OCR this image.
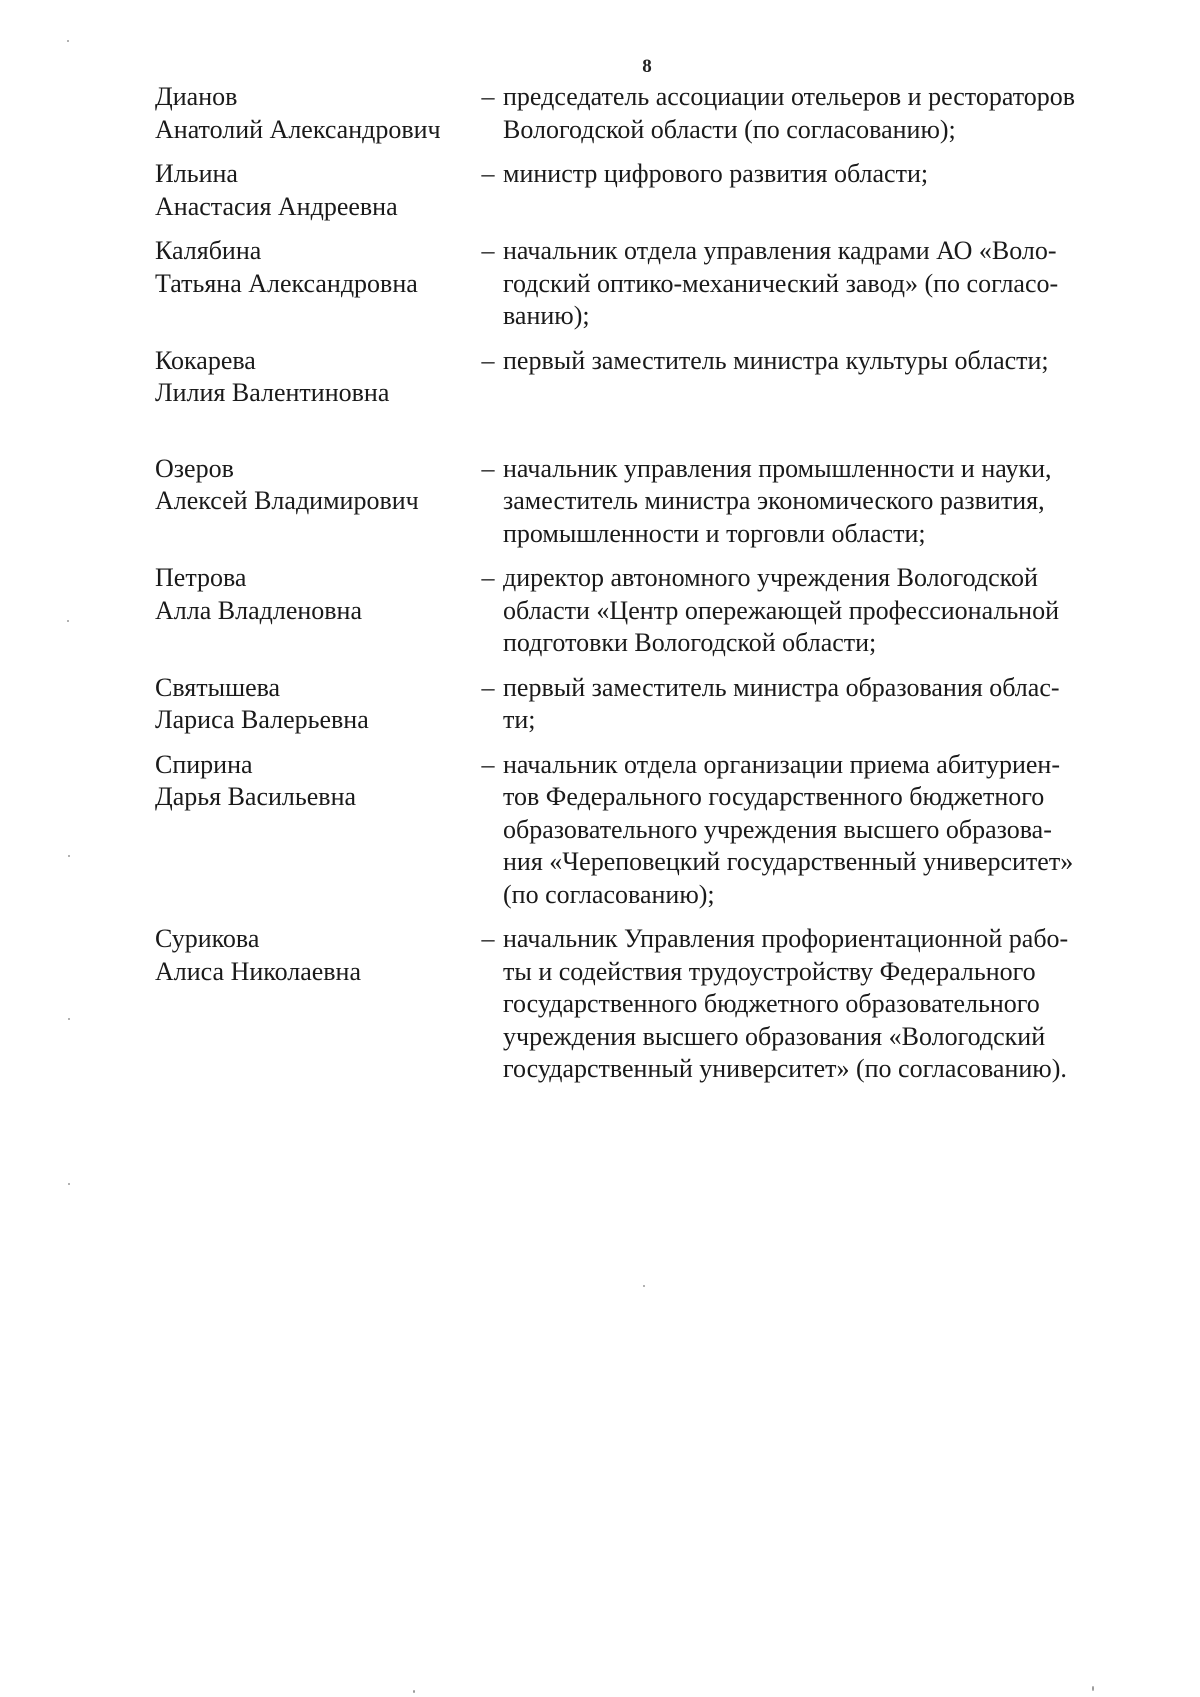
8
Дианов
Анатолий Александрович
– председатель ассоциации отельеров и рестораторов
Вологодской области (по согласованию);
Ильина
Анастасия Андреевна
– министр цифрового развития области;
Калябина
Татьяна Александровна
– начальник отдела управления кадрами АО «Воло-
годский оптико-механический завод» (по согласо-
ванию);
Кокарева
Лилия Валентиновна
– первый заместитель министра культуры области;
Озеров
Алексей Владимирович
– начальник управления промышленности и науки,
заместитель министра экономического развития,
промышленности и торговли области;
Петрова
Алла Владленовна
– директор автономного учреждения Вологодской
области «Центр опережающей профессиональной
подготовки Вологодской области;
Святышева
Лариса Валерьевна
– первый заместитель министра образования облас-
ти;
Спирина
Дарья Васильевна
– начальник отдела организации приема абитуриен-
тов Федерального государственного бюджетного
образовательного учреждения высшего образова-
ния «Череповецкий государственный университет»
(по согласованию);
Сурикова
Алиса Николаевна
– начальник Управления профориентационной рабо-
ты и содействия трудоустройству Федерального
государственного бюджетного образовательного
учреждения высшего образования «Вологодский
государственный университет» (по согласованию).
